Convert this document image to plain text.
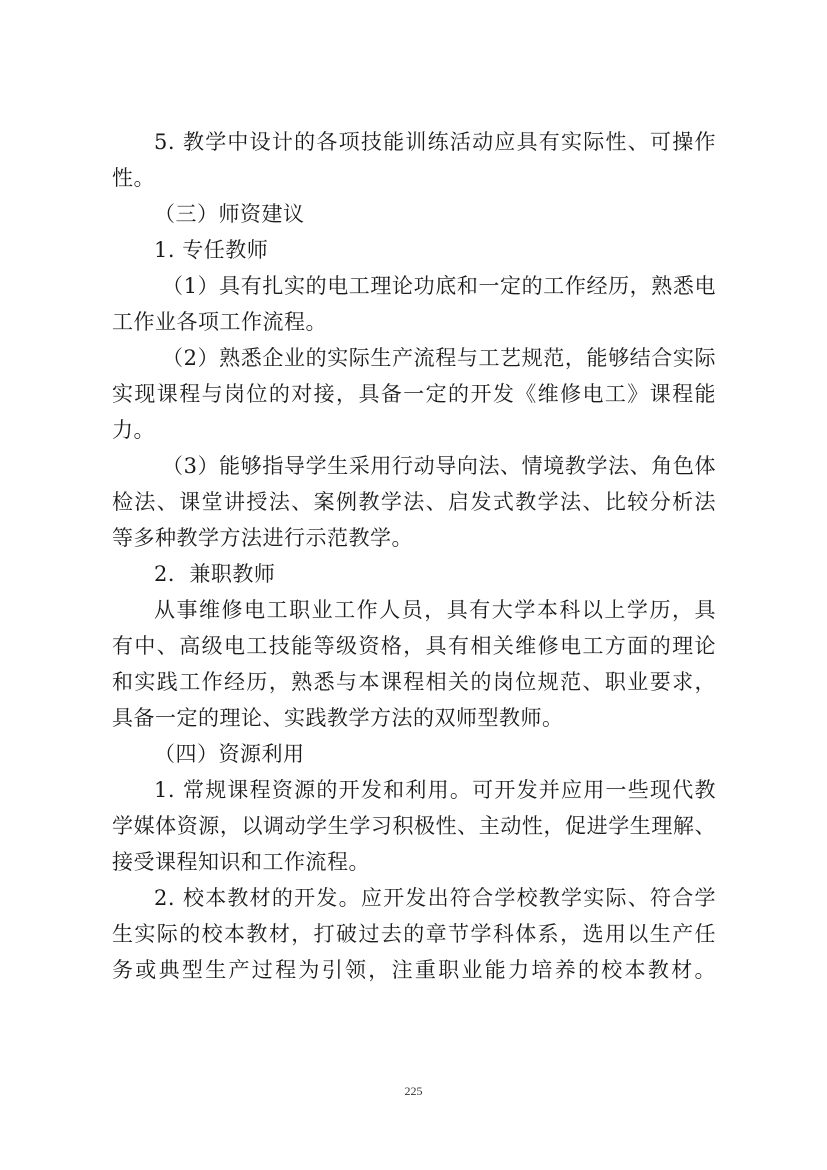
5. 教学中设计的各项技能训练活动应具有实际性、可操作
性。
（三）师资建议
1. 专任教师
（1）具有扎实的电工理论功底和一定的工作经历，熟悉电
工作业各项工作流程。
（2）熟悉企业的实际生产流程与工艺规范，能够结合实际
实现课程与岗位的对接，具备一定的开发《维修电工》课程能
力。
（3）能够指导学生采用行动导向法、情境教学法、角色体
检法、课堂讲授法、案例教学法、启发式教学法、比较分析法
等多种教学方法进行示范教学。
2．兼职教师
从事维修电工职业工作人员，具有大学本科以上学历，具
有中、高级电工技能等级资格，具有相关维修电工方面的理论
和实践工作经历，熟悉与本课程相关的岗位规范、职业要求，
具备一定的理论、实践教学方法的双师型教师。
（四）资源利用
1. 常规课程资源的开发和利用。可开发并应用一些现代教
学媒体资源，以调动学生学习积极性、主动性，促进学生理解、
接受课程知识和工作流程。
2. 校本教材的开发。应开发出符合学校教学实际、符合学
生实际的校本教材，打破过去的章节学科体系，选用以生产任
务或典型生产过程为引领，注重职业能力培养的校本教材。
225
